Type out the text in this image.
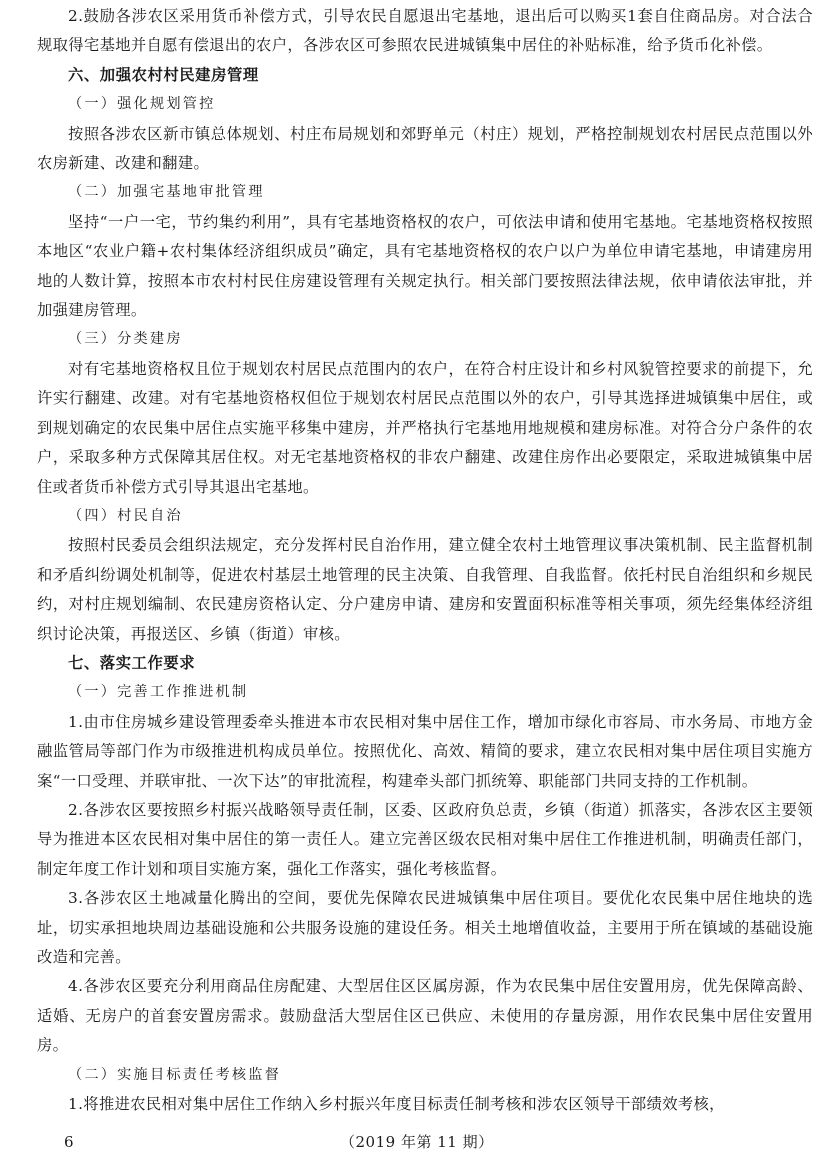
2.鼓励各涉农区采用货币补偿方式，引导农民自愿退出宅基地，退出后可以购买1套自住商品房。对合法合规取得宅基地并自愿有偿退出的农户，各涉农区可参照农民进城镇集中居住的补贴标准，给予货币化补偿。

六、加强农村村民建房管理

（一）强化规划管控

按照各涉农区新市镇总体规划、村庄布局规划和郊野单元（村庄）规划，严格控制规划农村居民点范围以外农房新建、改建和翻建。

（二）加强宅基地审批管理

坚持“一户一宅，节约集约利用”，具有宅基地资格权的农户，可依法申请和使用宅基地。宅基地资格权按照本地区“农业户籍+农村集体经济组织成员”确定，具有宅基地资格权的农户以户为单位申请宅基地，申请建房用地的人数计算，按照本市农村村民住房建设管理有关规定执行。相关部门要按照法律法规，依申请依法审批，并加强建房管理。

（三）分类建房

对有宅基地资格权且位于规划农村居民点范围内的农户，在符合村庄设计和乡村风貌管控要求的前提下，允许实行翻建、改建。对有宅基地资格权但位于规划农村居民点范围以外的农户，引导其选择进城镇集中居住，或到规划确定的农民集中居住点实施平移集中建房，并严格执行宅基地用地规模和建房标准。对符合分户条件的农户，采取多种方式保障其居住权。对无宅基地资格权的非农户翻建、改建住房作出必要限定，采取进城镇集中居住或者货币补偿方式引导其退出宅基地。

（四）村民自治

按照村民委员会组织法规定，充分发挥村民自治作用，建立健全农村土地管理议事决策机制、民主监督机制和矛盾纠纷调处机制等，促进农村基层土地管理的民主决策、自我管理、自我监督。依托村民自治组织和乡规民约，对村庄规划编制、农民建房资格认定、分户建房申请、建房和安置面积标准等相关事项，须先经集体经济组织讨论决策，再报送区、乡镇（街道）审核。

七、落实工作要求

（一）完善工作推进机制

1.由市住房城乡建设管理委牵头推进本市农民相对集中居住工作，增加市绿化市容局、市水务局、市地方金融监管局等部门作为市级推进机构成员单位。按照优化、高效、精简的要求，建立农民相对集中居住项目实施方案“一口受理、并联审批、一次下达”的审批流程，构建牵头部门抓统筹、职能部门共同支持的工作机制。

2.各涉农区要按照乡村振兴战略领导责任制，区委、区政府负总责，乡镇（街道）抓落实，各涉农区主要领导为推进本区农民相对集中居住的第一责任人。建立完善区级农民相对集中居住工作推进机制，明确责任部门，制定年度工作计划和项目实施方案，强化工作落实，强化考核监督。

3.各涉农区土地减量化腾出的空间，要优先保障农民进城镇集中居住项目。要优化农民集中居住地块的选址，切实承担地块周边基础设施和公共服务设施的建设任务。相关土地增值收益，主要用于所在镇域的基础设施改造和完善。

4.各涉农区要充分利用商品住房配建、大型居住区区属房源，作为农民集中居住安置用房，优先保障高龄、适婚、无房户的首套安置房需求。鼓励盘活大型居住区已供应、未使用的存量房源，用作农民集中居住安置用房。

（二）实施目标责任考核监督

1.将推进农民相对集中居住工作纳入乡村振兴年度目标责任制考核和涉农区领导干部绩效考核，

6	（2019 年第 11 期）
